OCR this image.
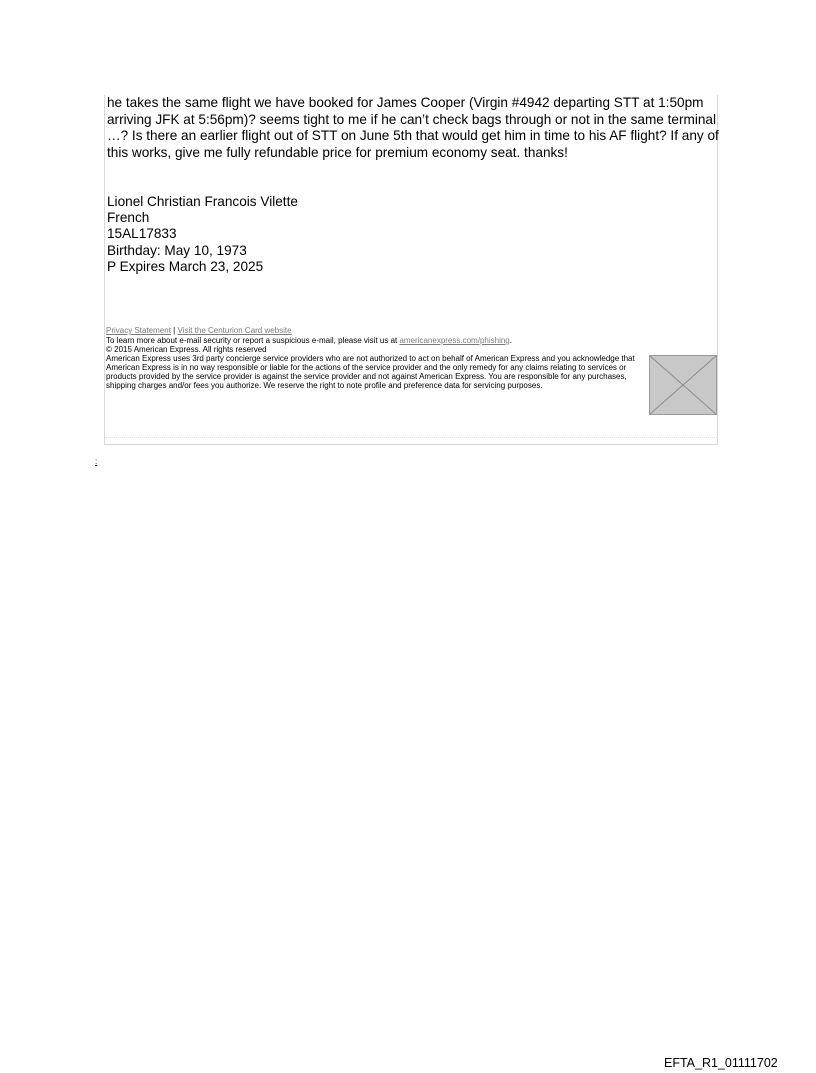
he takes the same flight we have booked for James Cooper (Virgin #4942 departing STT at 1:50pm arriving JFK at 5:56pm)? seems tight to me if he can’t check bags through or not in the same terminal …? Is there an earlier flight out of STT on June 5th that would get him in time to his AF flight? If any of this works, give me fully refundable price for premium economy seat. thanks!

Lionel Christian Francois Vilette
French
15AL17833
Birthday: May 10, 1973
P Expires March 23, 2025
Privacy Statement | Visit the Centurion Card website
To learn more about e-mail security or report a suspicious e-mail, please visit us at americanexpress.com/phishing.
© 2015 American Express. All rights reserved
American Express uses 3rd party concierge service providers who are not authorized to act on behalf of American Express and you acknowledge that American Express is in no way responsible or liable for the actions of the service provider and the only remedy for any claims relating to services or products provided by the service provider is against the service provider and not against American Express. You are responsible for any purchases, shipping charges and/or fees you authorize. We reserve the right to note profile and preference data for servicing purposes.
:
EFTA_R1_01111702
